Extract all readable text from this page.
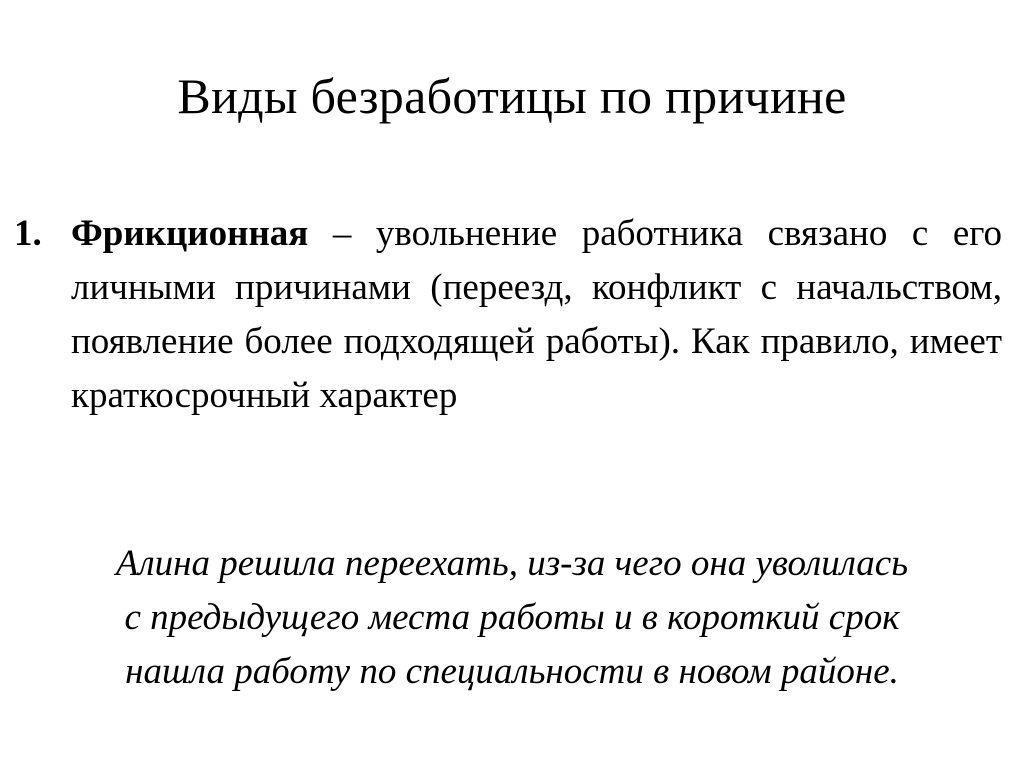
Виды безработицы по причине
1. Фрикционная – увольнение работника связано с его личными причинами (переезд, конфликт с начальством, появление более подходящей работы). Как правило, имеет краткосрочный характер
Алина решила переехать, из-за чего она уволилась
с предыдущего места работы и в короткий срок
нашла работу по специальности в новом районе.
